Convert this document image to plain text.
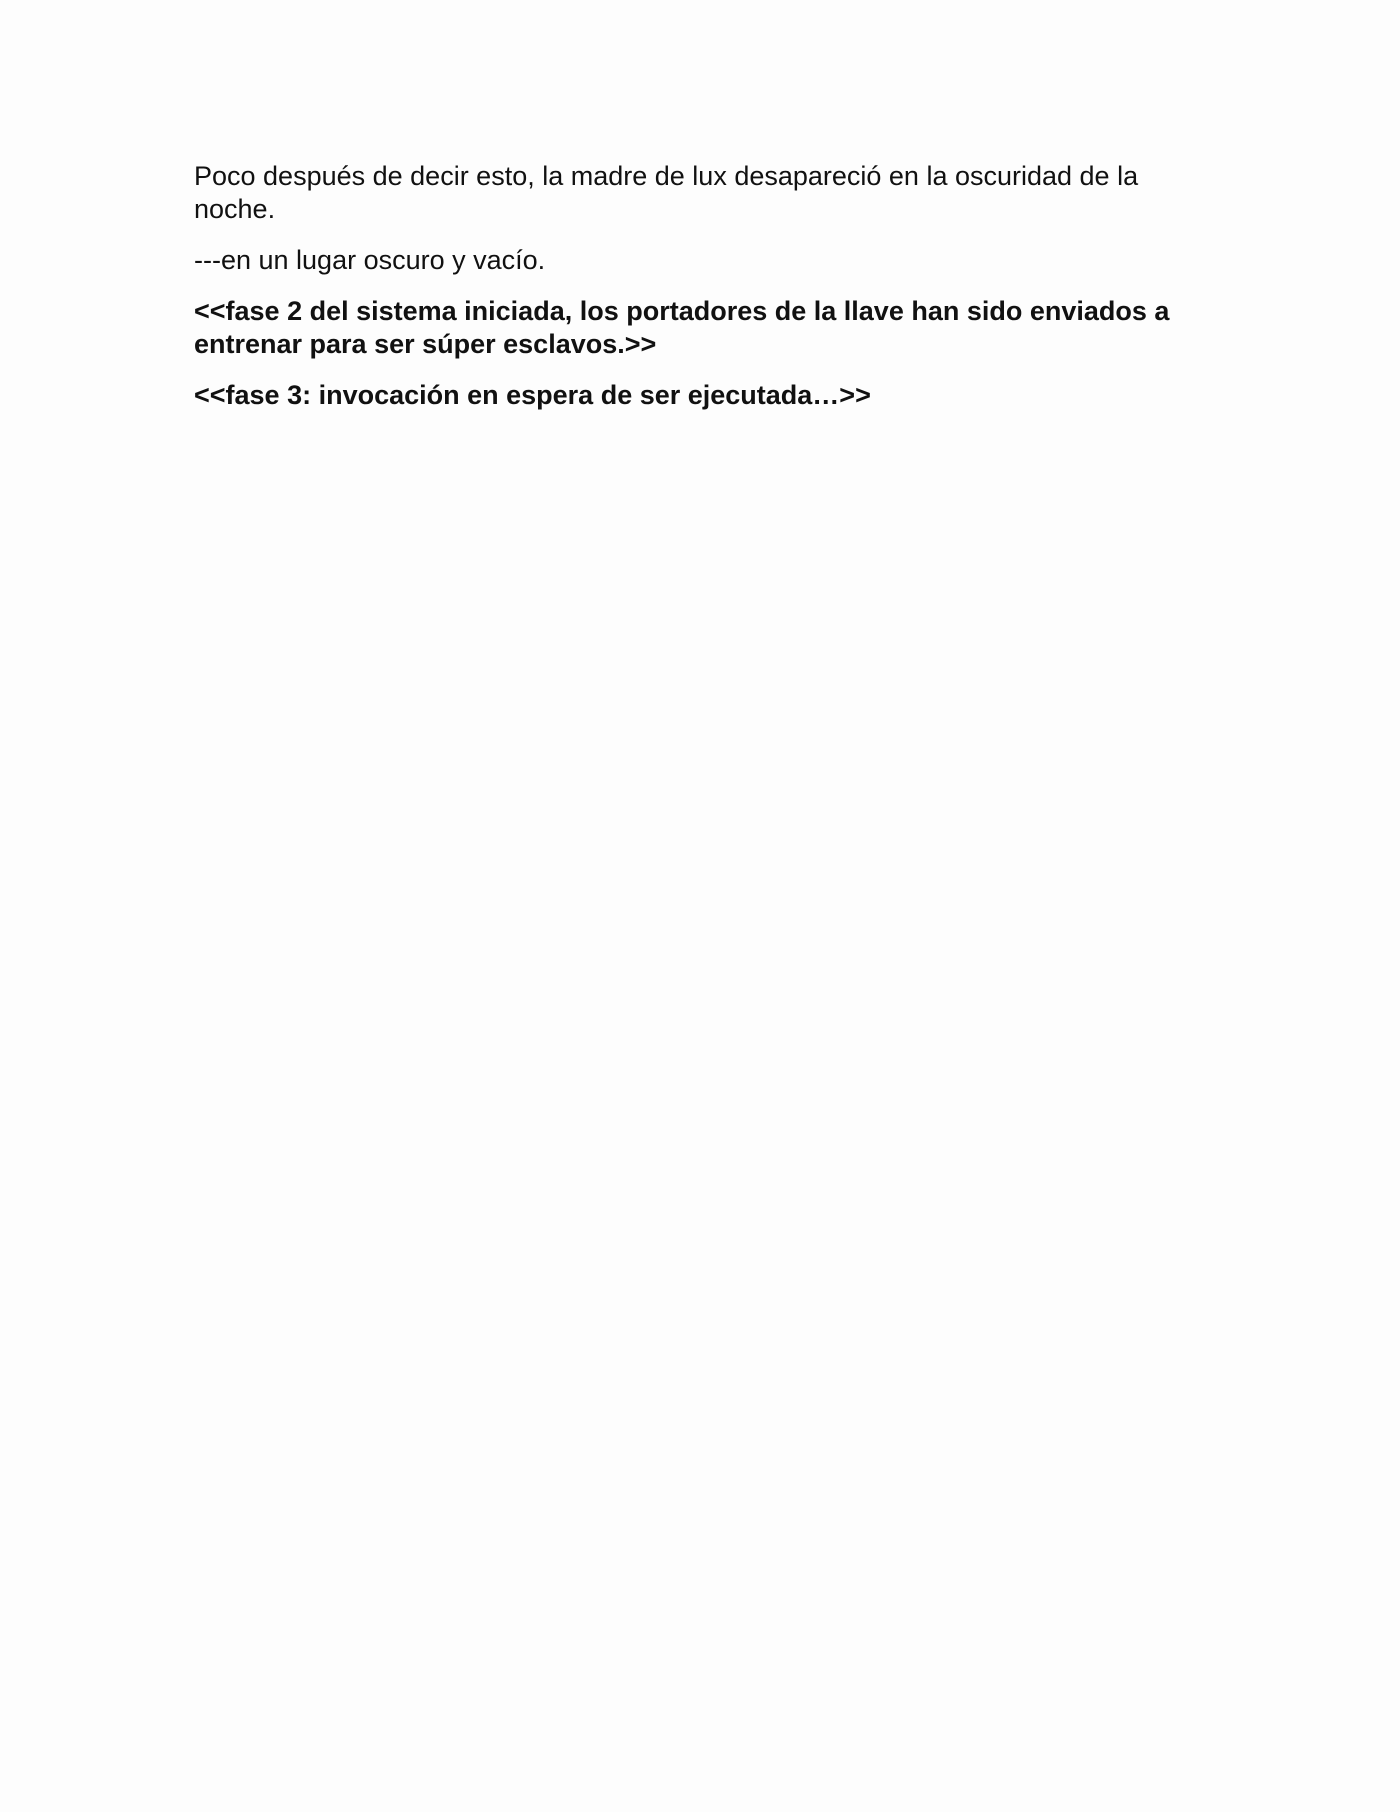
Poco después de decir esto, la madre de lux desapareció en la oscuridad de la noche.

---en un lugar oscuro y vacío.

<<fase 2 del sistema iniciada, los portadores de la llave han sido enviados a entrenar para ser súper esclavos.>>

<<fase 3: invocación en espera de ser ejecutada…>>
